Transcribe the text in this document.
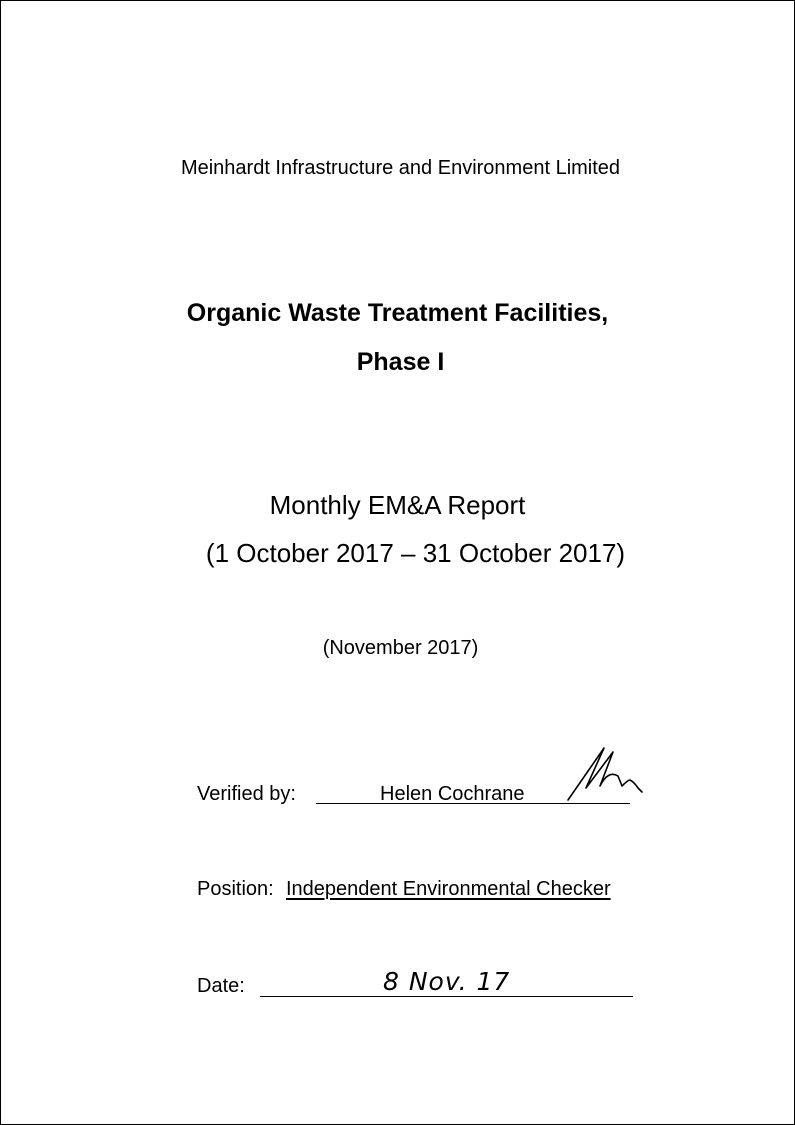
Meinhardt Infrastructure and Environment Limited
Organic Waste Treatment Facilities,
Phase I
Monthly EM&A Report
(1 October 2017 – 31 October 2017)
(November 2017)
Verified by:	Helen Cochrane
Position: Independent Environmental Checker
Date:	8 Nov. 17
